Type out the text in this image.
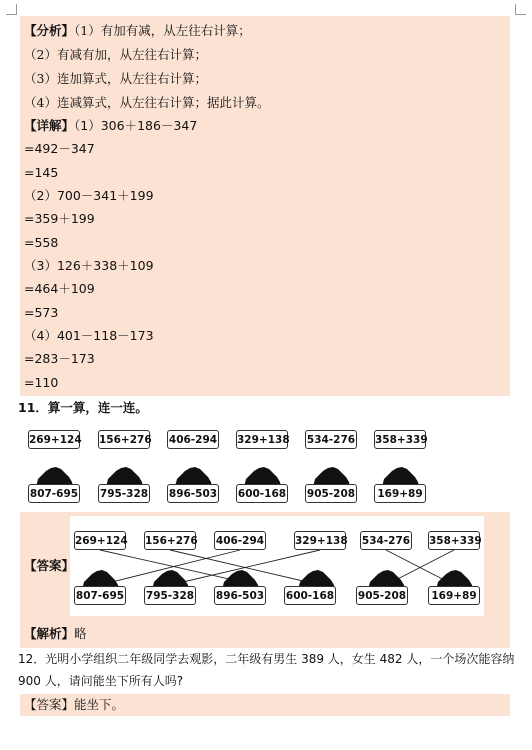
【分析】（1）有加有减，从左往右计算；
（2）有减有加，从左往右计算；
（3）连加算式，从左往右计算；
（4）连减算式，从左往右计算；据此计算。
【详解】（1）306＋186－347
=492－347
=145
（2）700－341＋199
=359＋199
=558
（3）126＋338＋109
=464＋109
=573
（4）401－118－173
=283－173
=110
11．算一算，连一连。
269+124 156+276 406-294 329+138 534-276 358+339
807-695 795-328 896-503 600-168 905-208	169+89
【答案】
269+124 156+276 406-294	329+138 534-276 358+339
807-695 795-328 896-503 600-168 905-208	169+89
【解析】略
12．光明小学组织二年级同学去观影，二年级有男生 389 人，女生 482 人，一个场次能容纳
900 人，请问能坐下所有人吗?
【答案】能坐下。
